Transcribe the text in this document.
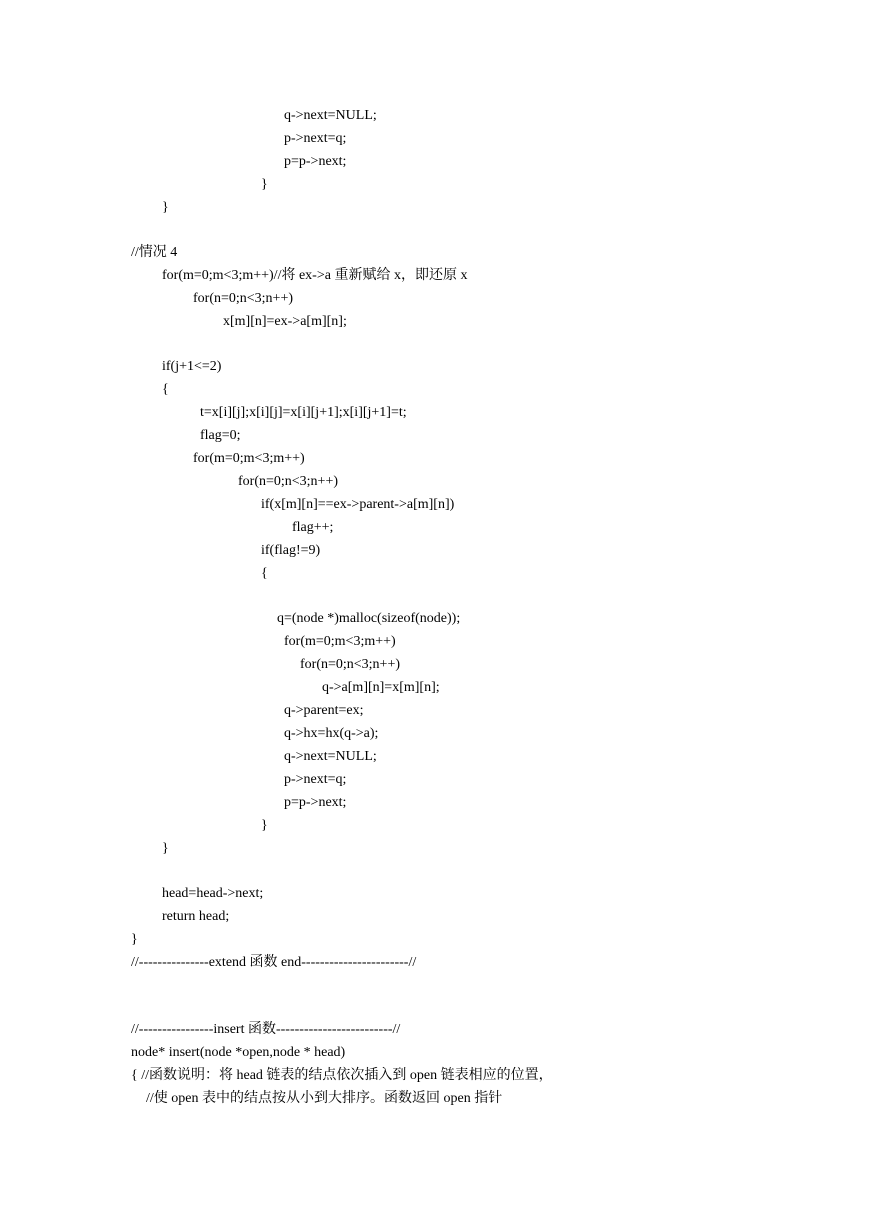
q->next=NULL;
p->next=q;
p=p->next;
}
}
//情况 4
for(m=0;m<3;m++)//将 ex->a 重新赋给 x，即还原 x
for(n=0;n<3;n++)
x[m][n]=ex->a[m][n];
if(j+1<=2)
{
t=x[i][j];x[i][j]=x[i][j+1];x[i][j+1]=t;
flag=0;
for(m=0;m<3;m++)
for(n=0;n<3;n++)
if(x[m][n]==ex->parent->a[m][n])
flag++;
if(flag!=9)
{
q=(node *)malloc(sizeof(node));
for(m=0;m<3;m++)
for(n=0;n<3;n++)
q->a[m][n]=x[m][n];
q->parent=ex;
q->hx=hx(q->a);
q->next=NULL;
p->next=q;
p=p->next;
}
}
head=head->next;
return head;
}
//---------------extend 函数 end-----------------------//
//----------------insert 函数-------------------------//
node* insert(node *open,node * head)
{ //函数说明：将 head 链表的结点依次插入到 open 链表相应的位置，
//使 open 表中的结点按从小到大排序。函数返回 open 指针
